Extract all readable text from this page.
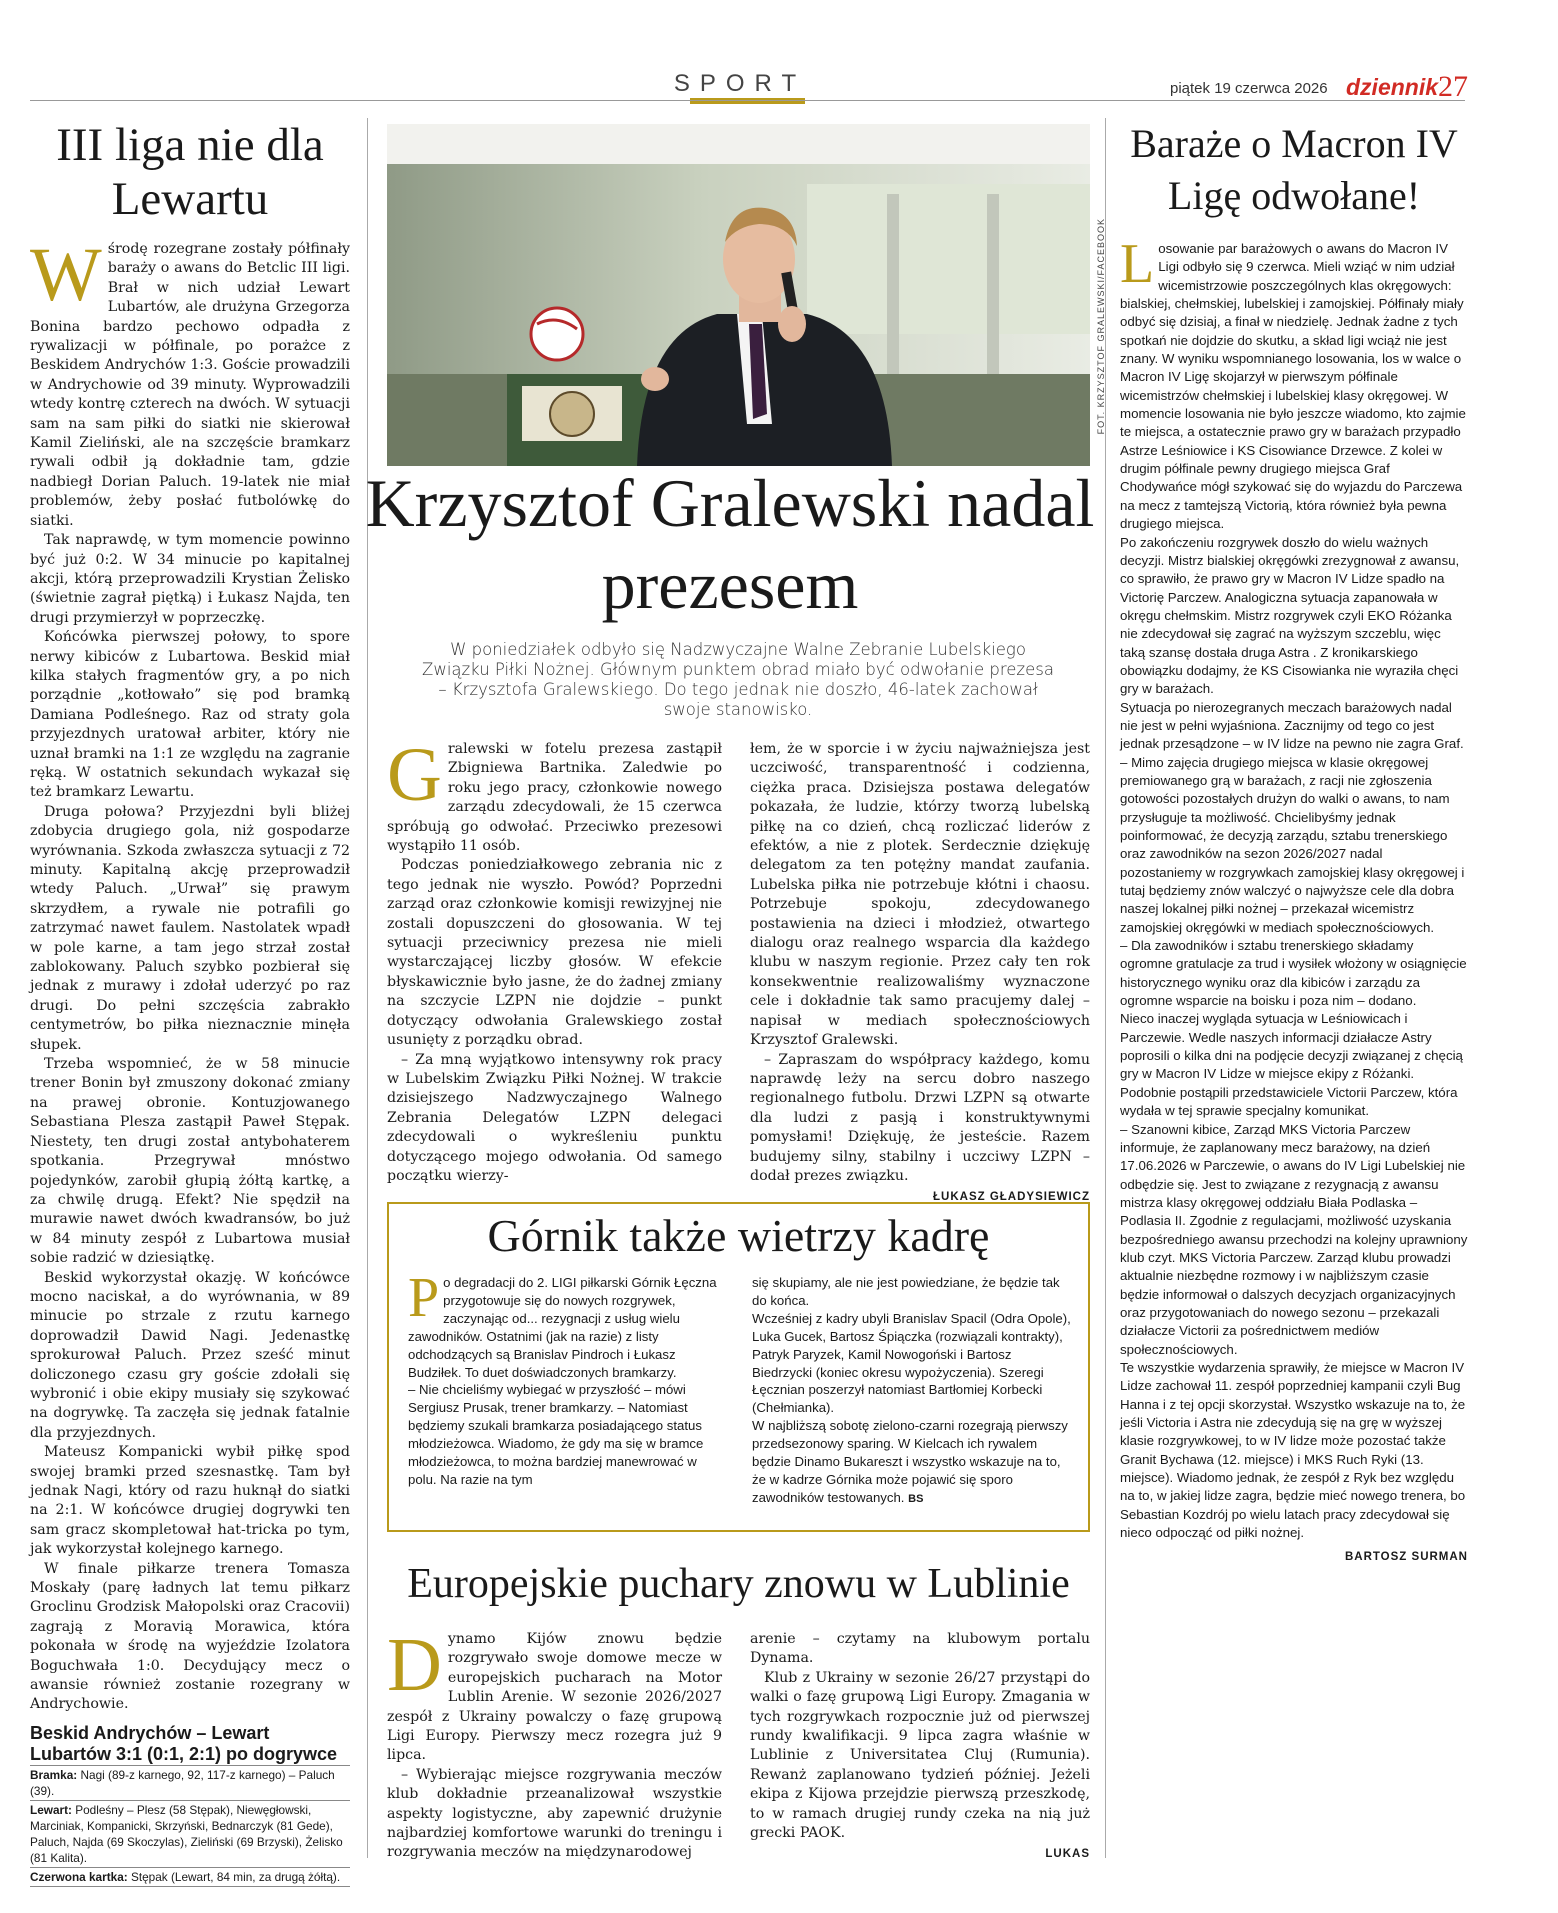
SPORT	piątek 19 czerwca 2026 dziennik 27
III liga nie dla Lewartu

Wśrodę rozegrane zostały półfinały baraży o awans do Betclic III ligi. Brał w nich udział Lewart Lubartów, ale drużyna Grzegorza Bonina bardzo pechowo odpadła z rywalizacji w półfinale, po porażce z Beskidem Andrychów 1:3. Goście prowadzili w Andrychowie od 39 minuty. Wyprowadzili wtedy kontrę czterech na dwóch. W sytuacji sam na sam piłki do siatki nie skierował Kamil Zieliński, ale na szczęście bramkarz rywali odbił ją dokładnie tam, gdzie nadbiegł Dorian Paluch. 19-latek nie miał problemów, żeby posłać futbolówkę do siatki.

Tak naprawdę, w tym momencie powinno być już 0:2. W 34 minucie po kapitalnej akcji, którą przeprowadzili Krystian Żelisko (świetnie zagrał piętką) i Łukasz Najda, ten drugi przymierzył w poprzeczkę.

Końcówka pierwszej połowy, to spore nerwy kibiców z Lubartowa. Beskid miał kilka stałych fragmentów gry, a po nich porządnie „kotłowało” się pod bramką Damiana Podleśnego. Raz od straty gola przyjezdnych uratował arbiter, który nie uznał bramki na 1:1 ze względu na zagranie ręką. W ostatnich sekundach wykazał się też bramkarz Lewartu.

Druga połowa? Przyjezdni byli bliżej zdobycia drugiego gola, niż gospodarze wyrównania. Szkoda zwłaszcza sytuacji z 72 minuty. Kapitalną akcję przeprowadził wtedy Paluch. „Urwał” się prawym skrzydłem, a rywale nie potrafili go zatrzymać nawet faulem. Nastolatek wpadł w pole karne, a tam jego strzał został zablokowany. Paluch szybko pozbierał się jednak z murawy i zdołał uderzyć po raz drugi. Do pełni szczęścia zabrakło centymetrów, bo piłka nieznacznie minęła słupek.

Trzeba wspomnieć, że w 58 minucie trener Bonin był zmuszony dokonać zmiany na prawej obronie. Kontuzjowanego Sebastiana Plesza zastąpił Paweł Stępak. Niestety, ten drugi został antybohaterem spotkania. Przegrywał mnóstwo pojedynków, zarobił głupią żółtą kartkę, a za chwilę drugą. Efekt? Nie spędził na murawie nawet dwóch kwadransów, bo już w 84 minuty zespół z Lubartowa musiał sobie radzić w dziesiątkę.

Beskid wykorzystał okazję. W końcówce mocno naciskał, a do wyrównania, w 89 minucie po strzale z rzutu karnego doprowadził Dawid Nagi. Jedenastkę sprokurował Paluch. Przez sześć minut doliczonego czasu gry goście zdołali się wybronić i obie ekipy musiały się szykować na dogrywkę. Ta zaczęła się jednak fatalnie dla przyjezdnych.

Mateusz Kompanicki wybił piłkę spod swojej bramki przed szesnastkę. Tam był jednak Nagi, który od razu huknął do siatki na 2:1. W końcówce drugiej dogrywki ten sam gracz skompletował hat-tricka po tym, jak wykorzystał kolejnego karnego.

W finale piłkarze trenera Tomasza Moskały (parę ładnych lat temu piłkarz Groclinu Grodzisk Małopolski oraz Cracovii) zagrają z Moravią Morawica, która pokonała w środę na wyjeździe Izolatora Boguchwała 1:0. Decydujący mecz o awansie również zostanie rozegrany w Andrychowie.

Beskid Andrychów – Lewart Lubartów 3:1 (0:1, 2:1) po dogrywce
Bramka: Nagi (89-z karnego, 92, 117-z karnego) – Paluch (39).
Lewart: Podleśny – Plesz (58 Stępak), Niewęgłowski, Marciniak, Kompanicki, Skrzyński, Bednarczyk (81 Gede), Paluch, Najda (69 Skoczylas), Zieliński (69 Brzyski), Żelisko (81 Kalita).
Czerwona kartka: Stępak (Lewart, 84 min, za drugą żółtą).
FOT. KRZYSZTOF GRALEWSKI/FACEBOOK
Krzysztof Gralewski nadal prezesem
W poniedziałek odbyło się Nadzwyczajne Walne Zebranie Lubelskiego Związku Piłki Nożnej. Głównym punktem obrad miało być odwołanie prezesa – Krzysztofa Gralewskiego. Do tego jednak nie doszło, 46-latek zachował swoje stanowisko.

Gralewski w fotelu prezesa zastąpił Zbigniewa Bartnika. Zaledwie po roku jego pracy, członkowie nowego zarządu zdecydowali, że 15 czerwca spróbują go odwołać. Przeciwko prezesowi wystąpiło 11 osób.

Podczas poniedziałkowego zebrania nic z tego jednak nie wyszło. Powód? Poprzedni zarząd oraz członkowie komisji rewizyjnej nie zostali dopuszczeni do głosowania. W tej sytuacji przeciwnicy prezesa nie mieli wystarczającej liczby głosów. W efekcie błyskawicznie było jasne, że do żadnej zmiany na szczycie LZPN nie dojdzie – punkt dotyczący odwołania Gralewskiego został usunięty z porządku obrad.

– Za mną wyjątkowo intensywny rok pracy w Lubelskim Związku Piłki Nożnej. W trakcie dzisiejszego Nadzwyczajnego Walnego Zebrania Delegatów LZPN delegaci zdecydowali o wykreśleniu punktu dotyczącego mojego odwołania. Od samego początku wierzy-

łem, że w sporcie i w życiu najważniejsza jest uczciwość, transparentność i codzienna, ciężka praca. Dzisiejsza postawa delegatów pokazała, że ludzie, którzy tworzą lubelską piłkę na co dzień, chcą rozliczać liderów z efektów, a nie z plotek. Serdecznie dziękuję delegatom za ten potężny mandat zaufania. Lubelska piłka nie potrzebuje kłótni i chaosu. Potrzebuje spokoju, zdecydowanego postawienia na dzieci i młodzież, otwartego dialogu oraz realnego wsparcia dla każdego klubu w naszym regionie. Przez cały ten rok konsekwentnie realizowaliśmy wyznaczone cele i dokładnie tak samo pracujemy dalej – napisał w mediach społecznościowych Krzysztof Gralewski.

– Zapraszam do współpracy każdego, komu naprawdę leży na sercu dobro naszego regionalnego futbolu. Drzwi LZPN są otwarte dla ludzi z pasją i konstruktywnymi pomysłami! Dziękuję, że jesteście. Razem budujemy silny, stabilny i uczciwy LZPN – dodał prezes związku.

ŁUKASZ GŁADYSIEWICZ
Górnik także wietrzy kadrę

Po degradacji do 2. LIGI piłkarski Górnik Łęczna przygotowuje się do nowych rozgrywek, zaczynając od... rezygnacji z usług wielu zawodników. Ostatnimi (jak na razie) z listy odchodzących są Branislav Pindroch i Łukasz Budziłek. To duet doświadczonych bramkarzy.

– Nie chcieliśmy wybiegać w przyszłość – mówi Sergiusz Prusak, trener bramkarzy. – Natomiast będziemy szukali bramkarza posiadającego status młodzieżowca. Wiadomo, że gdy ma się w bramce młodzieżowca, to można bardziej manewrować w polu. Na razie na tym

się skupiamy, ale nie jest powiedziane, że będzie tak do końca.

Wcześniej z kadry ubyli Branislav Spacil (Odra Opole), Luka Gucek, Bartosz Śpiączka (rozwiązali kontrakty), Patryk Paryzek, Kamil Nowogoński i Bartosz Biedrzycki (koniec okresu wypożyczenia). Szeregi Łęcznian poszerzył natomiast Bartłomiej Korbecki (Chełmianka).

W najbliższą sobotę zielono-czarni rozegrają pierwszy przedsezonowy sparing. W Kielcach ich rywalem będzie Dinamo Bukareszt i wszystko wskazuje na to, że w kadrze Górnika może pojawić się sporo zawodników testowanych. BS

Europejskie puchary znowu w Lublinie

Dynamo Kijów znowu będzie rozgrywało swoje domowe mecze w europejskich pucharach na Motor Lublin Arenie. W sezonie 2026/2027 zespół z Ukrainy powalczy o fazę grupową Ligi Europy. Pierwszy mecz rozegra już 9 lipca.

– Wybierając miejsce rozgrywania meczów klub dokładnie przeanalizował wszystkie aspekty logistyczne, aby zapewnić drużynie najbardziej komfortowe warunki do treningu i rozgrywania meczów na międzynarodowej

arenie – czytamy na klubowym portalu Dynama.

Klub z Ukrainy w sezonie 26/27 przystąpi do walki o fazę grupową Ligi Europy. Zmagania w tych rozgrywkach rozpocznie już od pierwszej rundy kwalifikacji. 9 lipca zagra właśnie w Lublinie z Universitatea Cluj (Rumunia). Rewanż zaplanowano tydzień później. Jeżeli ekipa z Kijowa przejdzie pierwszą przeszkodę, to w ramach drugiej rundy czeka na nią już grecki PAOK.

LUKAS
Baraże o Macron IV Ligę odwołane!

Losowanie par barażowych o awans do Macron IV Ligi odbyło się 9 czerwca. Mieli wziąć w nim udział wicemistrzowie poszczególnych klas okręgowych: bialskiej, chełmskiej, lubelskiej i zamojskiej. Półfinały miały odbyć się dzisiaj, a finał w niedzielę. Jednak żadne z tych spotkań nie dojdzie do skutku, a skład ligi wciąż nie jest znany. W wyniku wspomnianego losowania, los w walce o Macron IV Ligę skojarzył w pierwszym półfinale wicemistrzów chełmskiej i lubelskiej klasy okręgowej. W momencie losowania nie było jeszcze wiadomo, kto zajmie te miejsca, a ostatecznie prawo gry w barażach przypadło Astrze Leśniowice i KS Cisowiance Drzewce. Z kolei w drugim półfinale pewny drugiego miejsca Graf Chodywańce mógł szykować się do wyjazdu do Parczewa na mecz z tamtejszą Victorią, która również była pewna drugiego miejsca.

Po zakończeniu rozgrywek doszło do wielu ważnych decyzji. Mistrz bialskiej okręgówki zrezygnował z awansu, co sprawiło, że prawo gry w Macron IV Lidze spadło na Victorię Parczew. Analogiczna sytuacja zapanowała w okręgu chełmskim. Mistrz rozgrywek czyli EKO Różanka nie zdecydował się zagrać na wyższym szczeblu, więc taką szansę dostała druga Astra . Z kronikarskiego obowiązku dodajmy, że KS Cisowianka nie wyraziła chęci gry w barażach.

Sytuacja po nierozegranych meczach barażowych nadal nie jest w pełni wyjaśniona. Zacznijmy od tego co jest jednak przesądzone – w IV lidze na pewno nie zagra Graf.

– Mimo zajęcia drugiego miejsca w klasie okręgowej premiowanego grą w barażach, z racji nie zgłoszenia gotowości pozostałych drużyn do walki o awans, to nam przysługuje ta możliwość. Chcielibyśmy jednak poinformować, że decyzją zarządu, sztabu trenerskiego oraz zawodników na sezon 2026/2027 nadal pozostaniemy w rozgrywkach zamojskiej klasy okręgowej i tutaj będziemy znów walczyć o najwyższe cele dla dobra naszej lokalnej piłki nożnej – przekazał wicemistrz zamojskiej okręgówki w mediach społecznościowych.

– Dla zawodników i sztabu trenerskiego składamy ogromne gratulacje za trud i wysiłek włożony w osiągnięcie historycznego wyniku oraz dla kibiców i zarządu za ogromne wsparcie na boisku i poza nim – dodano.

Nieco inaczej wygląda sytuacja w Leśniowicach i Parczewie. Wedle naszych informacji działacze Astry poprosili o kilka dni na podjęcie decyzji związanej z chęcią gry w Macron IV Lidze w miejsce ekipy z Różanki. Podobnie postąpili przedstawiciele Victorii Parczew, która wydała w tej sprawie specjalny komunikat.

– Szanowni kibice, Zarząd MKS Victoria Parczew informuje, że zaplanowany mecz barażowy, na dzień 17.06.2026 w Parczewie, o awans do IV Ligi Lubelskiej nie odbędzie się. Jest to związane z rezygnacją z awansu mistrza klasy okręgowej oddziału Biała Podlaska – Podlasia II. Zgodnie z regulacjami, możliwość uzyskania bezpośredniego awansu przechodzi na kolejny uprawniony klub czyt. MKS Victoria Parczew. Zarząd klubu prowadzi aktualnie niezbędne rozmowy i w najbliższym czasie będzie informował o dalszych decyzjach organizacyjnych oraz przygotowaniach do nowego sezonu – przekazali działacze Victorii za pośrednictwem mediów społecznościowych.

Te wszystkie wydarzenia sprawiły, że miejsce w Macron IV Lidze zachował 11. zespół poprzedniej kampanii czyli Bug Hanna i z tej opcji skorzystał. Wszystko wskazuje na to, że jeśli Victoria i Astra nie zdecydują się na grę w wyższej klasie rozgrywkowej, to w IV lidze może pozostać także Granit Bychawa (12. miejsce) i MKS Ruch Ryki (13. miejsce). Wiadomo jednak, że zespół z Ryk bez względu na to, w jakiej lidze zagra, będzie mieć nowego trenera, bo Sebastian Kozdrój po wielu latach pracy zdecydował się nieco odpocząć od piłki nożnej.

BARTOSZ SURMAN
